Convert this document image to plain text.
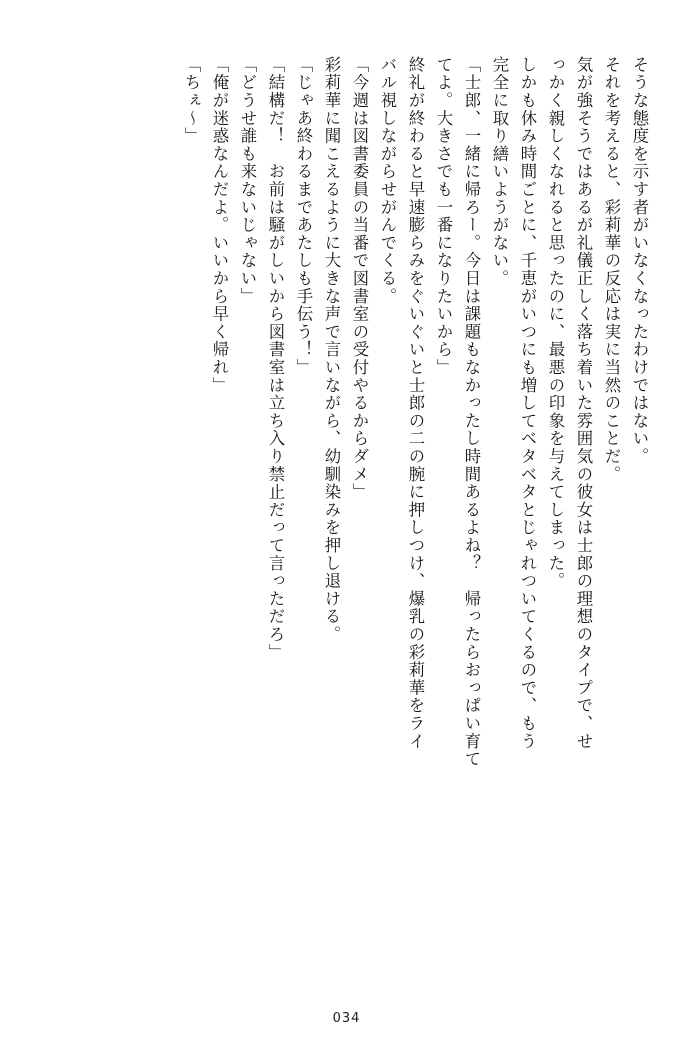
そうな態度を示す者がいなくなったわけではない。
それを考えると、彩莉華の反応は実に当然のことだ。
気が強そうではあるが礼儀正しく落ち着いた雰囲気の彼女は士郎の理想のタイプで、せ
っかく親しくなれると思ったのに、最悪の印象を与えてしまった。
しかも休み時間ごとに、千恵がいつにも増してベタベタとじゃれついてくるので、もう
完全に取り繕いようがない。
「士郎、一緒に帰ろー。今日は課題もなかったし時間あるよね？　帰ったらおっぱい育て
てよ。大きさでも一番になりたいから」
終礼が終わると早速膨らみをぐいぐいと士郎の二の腕に押しつけ、爆乳の彩莉華をライ
バル視しながらせがんでくる。
「今週は図書委員の当番で図書室の受付やるからダメ」
彩莉華に聞こえるように大きな声で言いながら、幼馴染みを押し退ける。
「じゃあ終わるまであたしも手伝う！」
「結構だ！　お前は騒がしいから図書室は立ち入り禁止だって言っただろ」
「どうせ誰も来ないじゃない」
「俺が迷惑なんだよ。いいから早く帰れ」
「ちぇ～」
034
